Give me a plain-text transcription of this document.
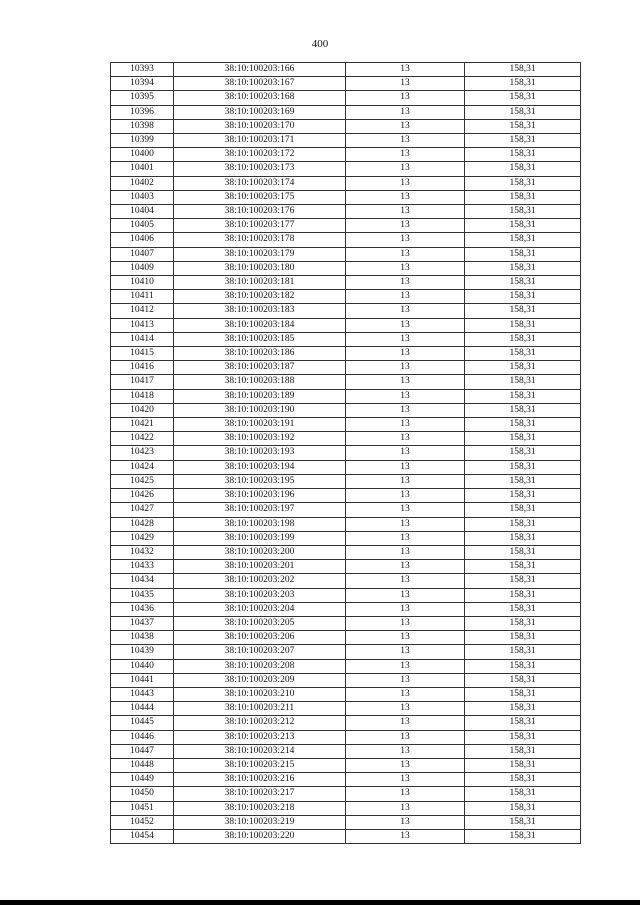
400
10393	38:10:100203:166	13	158,31
10394	38:10:100203:167	13	158,31
10395	38:10:100203:168	13	158,31
10396	38:10:100203:169	13	158,31
10398	38:10:100203:170	13	158,31
10399	38:10:100203:171	13	158,31
10400	38:10:100203:172	13	158,31
10401	38:10:100203:173	13	158,31
10402	38:10:100203:174	13	158,31
10403	38:10:100203:175	13	158,31
10404	38:10:100203:176	13	158,31
10405	38:10:100203:177	13	158,31
10406	38:10:100203:178	13	158,31
10407	38:10:100203:179	13	158,31
10409	38:10:100203:180	13	158,31
10410	38:10:100203:181	13	158,31
10411	38:10:100203:182	13	158,31
10412	38:10:100203:183	13	158,31
10413	38:10:100203:184	13	158,31
10414	38:10:100203:185	13	158,31
10415	38:10:100203:186	13	158,31
10416	38:10:100203:187	13	158,31
10417	38:10:100203:188	13	158,31
10418	38:10:100203:189	13	158,31
10420	38:10:100203:190	13	158,31
10421	38:10:100203:191	13	158,31
10422	38:10:100203:192	13	158,31
10423	38:10:100203:193	13	158,31
10424	38:10:100203:194	13	158,31
10425	38:10:100203:195	13	158,31
10426	38:10:100203:196	13	158,31
10427	38:10:100203:197	13	158,31
10428	38:10:100203:198	13	158,31
10429	38:10:100203:199	13	158,31
10432	38:10:100203:200	13	158,31
10433	38:10:100203:201	13	158,31
10434	38:10:100203:202	13	158,31
10435	38:10:100203:203	13	158,31
10436	38:10:100203:204	13	158,31
10437	38:10:100203:205	13	158,31
10438	38:10:100203:206	13	158,31
10439	38:10:100203:207	13	158,31
10440	38:10:100203:208	13	158,31
10441	38:10:100203:209	13	158,31
10443	38:10:100203:210	13	158,31
10444	38:10:100203:211	13	158,31
10445	38:10:100203:212	13	158,31
10446	38:10:100203:213	13	158,31
10447	38:10:100203:214	13	158,31
10448	38:10:100203:215	13	158,31
10449	38:10:100203:216	13	158,31
10450	38:10:100203:217	13	158,31
10451	38:10:100203:218	13	158,31
10452	38:10:100203:219	13	158,31
10454	38:10:100203:220	13	158,31
